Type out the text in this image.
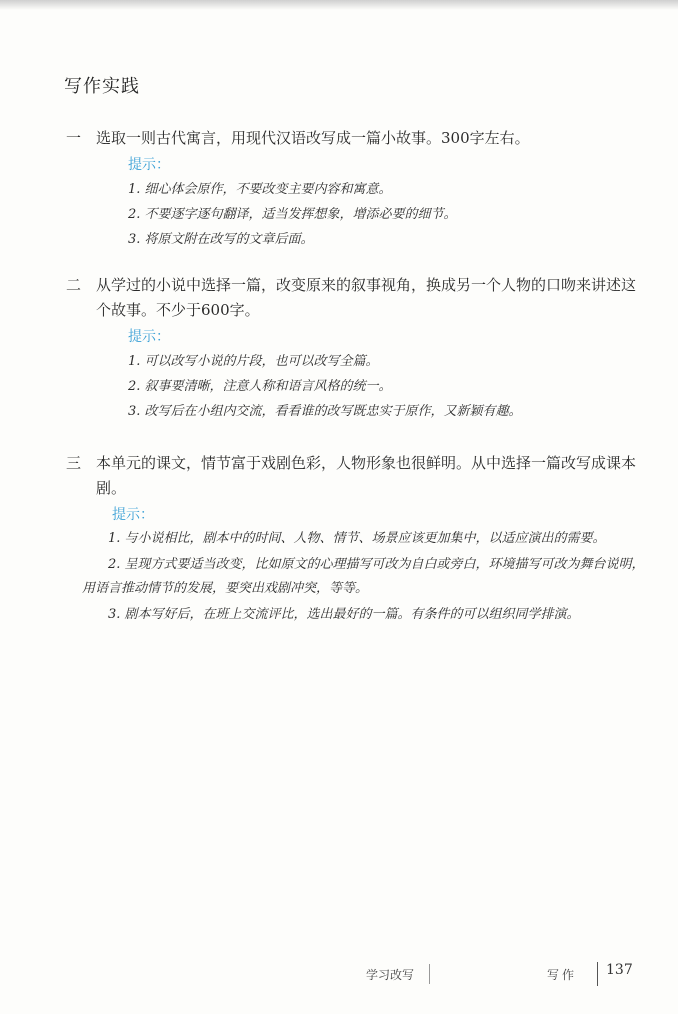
写作实践
一 选取一则古代寓言，用现代汉语改写成一篇小故事。300字左右。
提示：
1. 细心体会原作，不要改变主要内容和寓意。
2. 不要逐字逐句翻译，适当发挥想象，增添必要的细节。
3. 将原文附在改写的文章后面。
二 从学过的小说中选择一篇，改变原来的叙事视角，换成另一个人物的口吻来讲述这个故事。不少于600字。
提示：
1. 可以改写小说的片段，也可以改写全篇。
2. 叙事要清晰，注意人称和语言风格的统一。
3. 改写后在小组内交流，看看谁的改写既忠实于原作，又新颖有趣。
三 本单元的课文，情节富于戏剧色彩，人物形象也很鲜明。从中选择一篇改写成课本剧。
提示：

1. 与小说相比，剧本中的时间、人物、情节、场景应该更加集中，以适应演出的需要。

2. 呈现方式要适当改变，比如原文的心理描写可改为自白或旁白，环境描写可改为舞台说明，用语言推动情节的发展，要突出戏剧冲突，等等。

3. 剧本写好后，在班上交流评比，选出最好的一篇。有条件的可以组织同学排演。

学习改写	写作 137
